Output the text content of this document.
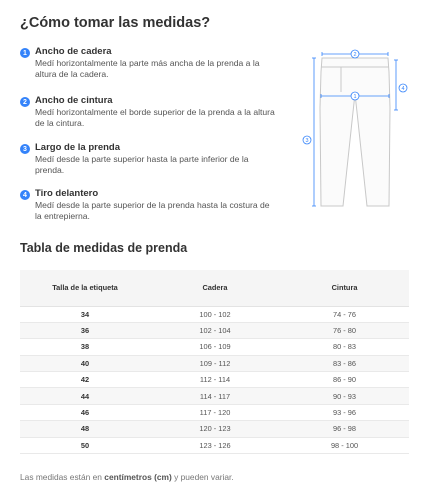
¿Cómo tomar las medidas?
1 Ancho de cadera
Medí horizontalmente la parte más ancha de la prenda a la altura de la cadera.
2 Ancho de cintura
Medí horizontalmente el borde superior de la prenda a la altura de la cintura.
3 Largo de la prenda
Medí desde la parte superior hasta la parte inferior de la prenda.
4 Tiro delantero
Medí desde la parte superior de la prenda hasta la costura de la entrepierna.
2
1
3
4
Tabla de medidas de prenda
Talla de la etiqueta	Cadera	Cintura
34	100 - 102	74 - 76
36	102 - 104	76 - 80
38	106 - 109	80 - 83
40	109 - 112	83 - 86
42	112 - 114	86 - 90
44	114 - 117	90 - 93
46	117 - 120	93 - 96
48	120 - 123	96 - 98
50	123 - 126	98 - 100
Las medidas están en centímetros (cm) y pueden variar.
